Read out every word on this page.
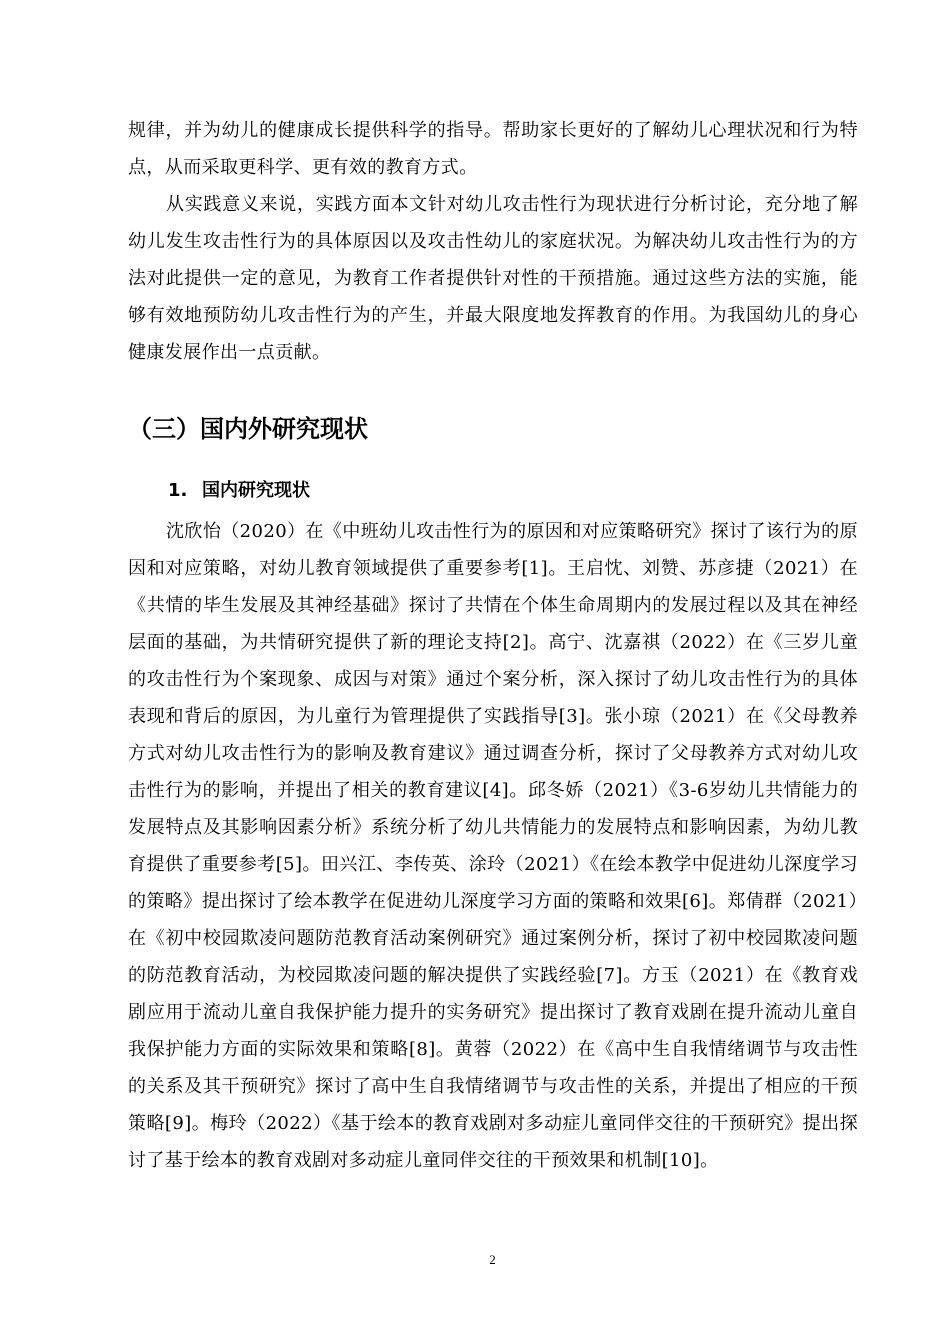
规律，并为幼儿的健康成长提供科学的指导。帮助家长更好的了解幼儿心理状况和行为特点，从而采取更科学、更有效的教育方式。

从实践意义来说，实践方面本文针对幼儿攻击性行为现状进行分析讨论，充分地了解幼儿发生攻击性行为的具体原因以及攻击性幼儿的家庭状况。为解决幼儿攻击性行为的方法对此提供一定的意见，为教育工作者提供针对性的干预措施。通过这些方法的实施，能够有效地预防幼儿攻击性行为的产生，并最大限度地发挥教育的作用。为我国幼儿的身心健康发展作出一点贡献。

（三）国内外研究现状
1. 国内研究现状

沈欣怡（2020）在《中班幼儿攻击性行为的原因和对应策略研究》探讨了该行为的原因和对应策略，对幼儿教育领域提供了重要参考[1]。王启忱、刘赞、苏彦捷（2021）在《共情的毕生发展及其神经基础》探讨了共情在个体生命周期内的发展过程以及其在神经层面的基础，为共情研究提供了新的理论支持[2]。高宁、沈嘉祺（2022）在《三岁儿童的攻击性行为个案现象、成因与对策》通过个案分析，深入探讨了幼儿攻击性行为的具体表现和背后的原因，为儿童行为管理提供了实践指导[3]。张小琼（2021）在《父母教养方式对幼儿攻击性行为的影响及教育建议》通过调查分析，探讨了父母教养方式对幼儿攻击性行为的影响，并提出了相关的教育建议[4]。邱冬娇（2021）《3-6岁幼儿共情能力的发展特点及其影响因素分析》系统分析了幼儿共情能力的发展特点和影响因素，为幼儿教育提供了重要参考[5]。田兴江、李传英、涂玲（2021）《在绘本教学中促进幼儿深度学习的策略》提出探讨了绘本教学在促进幼儿深度学习方面的策略和效果[6]。郑倩群（2021）在《初中校园欺凌问题防范教育活动案例研究》通过案例分析，探讨了初中校园欺凌问题的防范教育活动，为校园欺凌问题的解决提供了实践经验[7]。方玉（2021）在《教育戏剧应用于流动儿童自我保护能力提升的实务研究》提出探讨了教育戏剧在提升流动儿童自我保护能力方面的实际效果和策略[8]。黄蓉（2022）在《高中生自我情绪调节与攻击性的关系及其干预研究》探讨了高中生自我情绪调节与攻击性的关系，并提出了相应的干预策略[9]。梅玲（2022）《基于绘本的教育戏剧对多动症儿童同伴交往的干预研究》提出探讨了基于绘本的教育戏剧对多动症儿童同伴交往的干预效果和机制[10]。

2
